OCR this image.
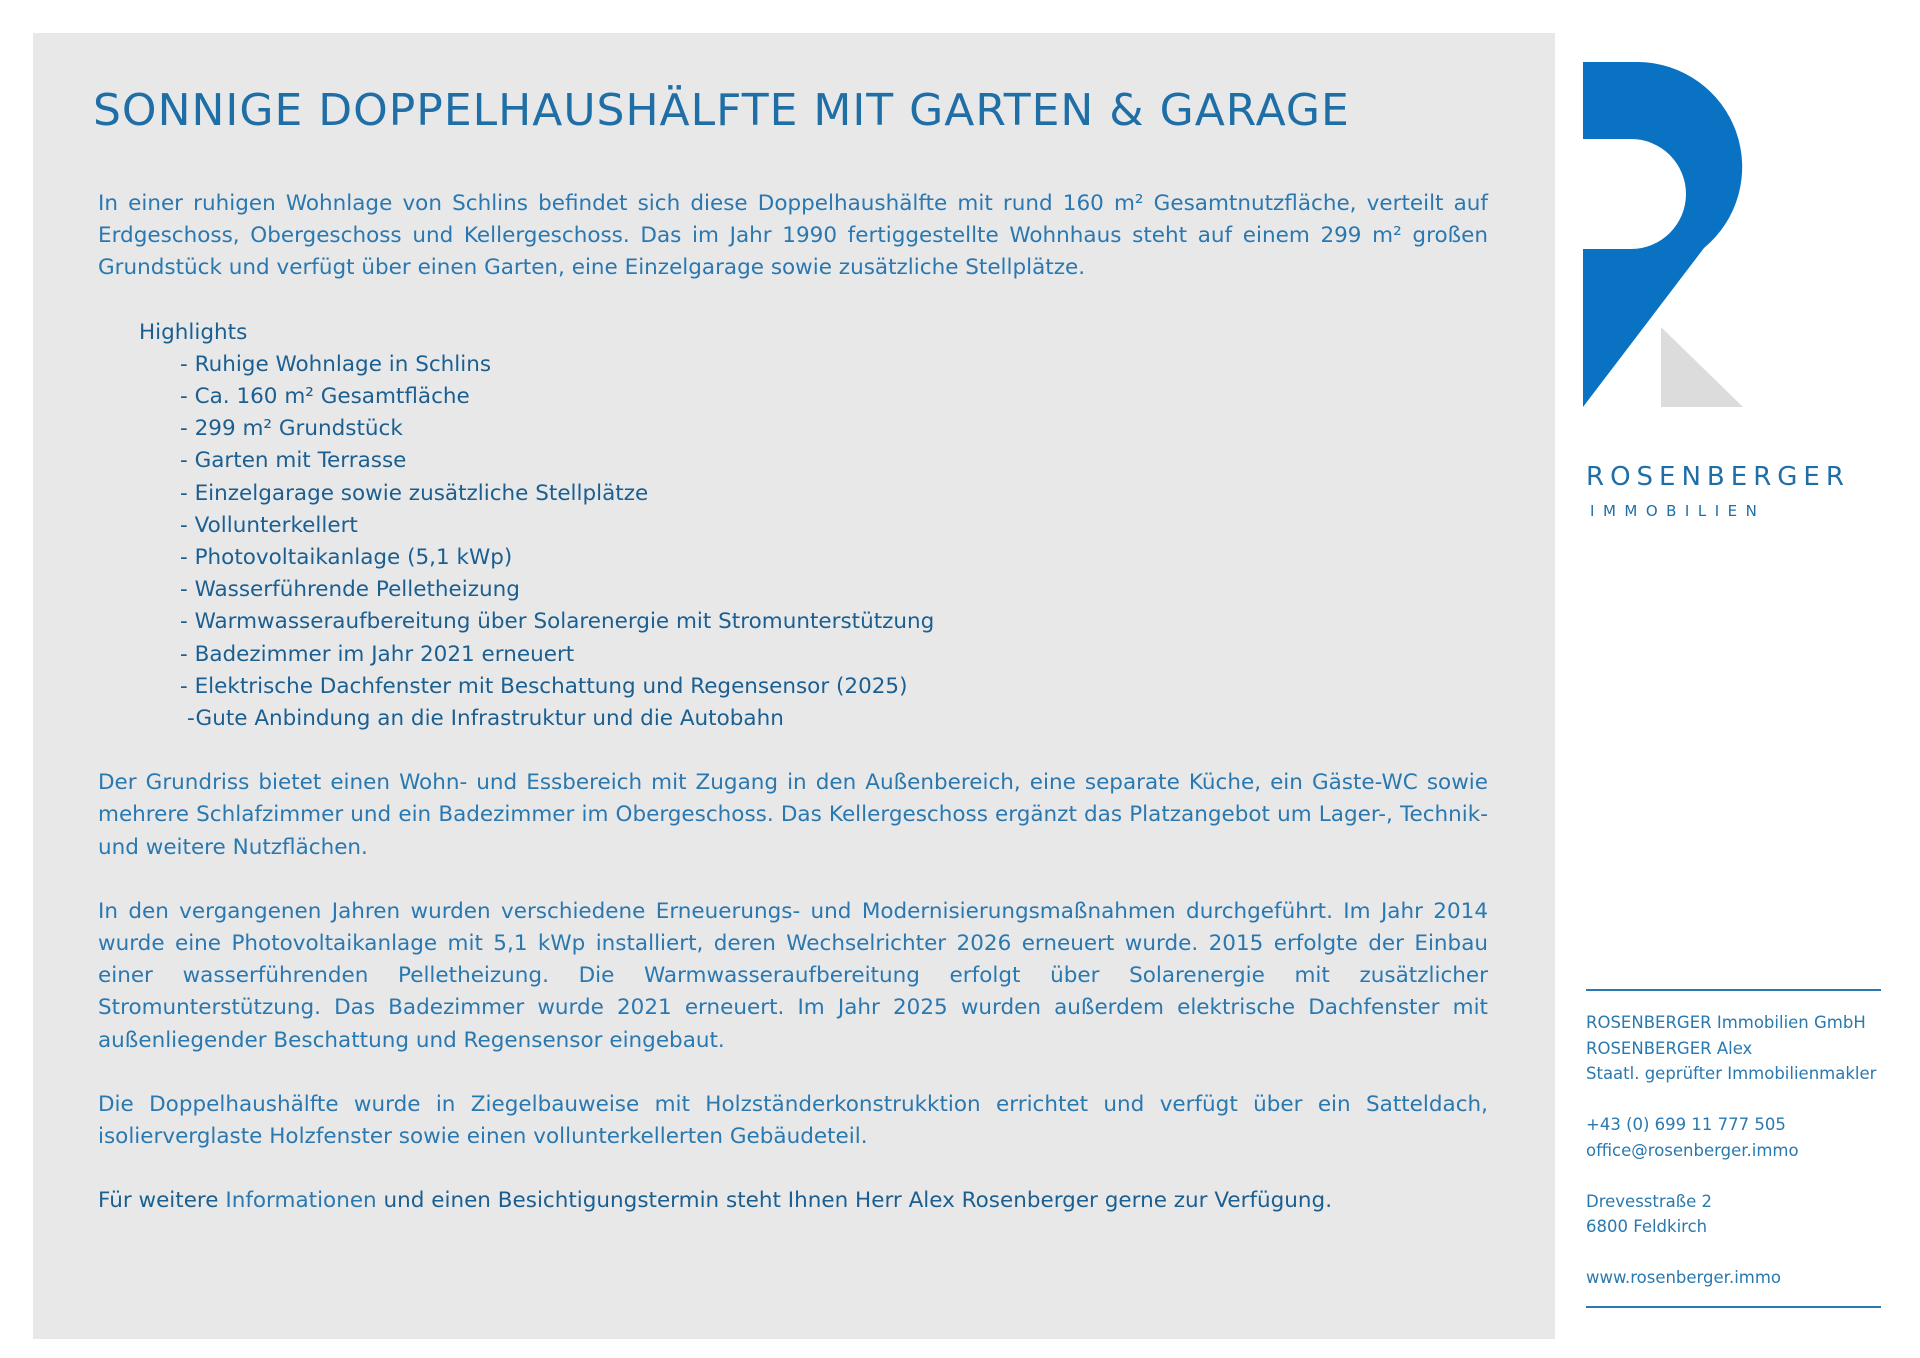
SONNIGE DOPPELHAUSHÄLFTE MIT GARTEN & GARAGE

In einer ruhigen Wohnlage von Schlins befindet sich diese Doppelhaushälfte mit rund 160 m² Gesamtnutzfläche, verteilt auf Erdgeschoss, Obergeschoss und Kellergeschoss. Das im Jahr 1990 fertiggestellte Wohnhaus steht auf einem 299 m² großen Grundstück und verfügt über einen Garten, eine Einzelgarage sowie zusätzliche Stellplätze.

Highlights
- Ruhige Wohnlage in Schlins
- Ca. 160 m² Gesamtfläche
- 299 m² Grundstück
- Garten mit Terrasse
- Einzelgarage sowie zusätzliche Stellplätze
- Vollunterkellert
- Photovoltaikanlage (5,1 kWp)
- Wasserführende Pelletheizung
- Warmwasseraufbereitung über Solarenergie mit Stromunterstützung
- Badezimmer im Jahr 2021 erneuert
- Elektrische Dachfenster mit Beschattung und Regensensor (2025)
-Gute Anbindung an die Infrastruktur und die Autobahn

Der Grundriss bietet einen Wohn- und Essbereich mit Zugang in den Außenbereich, eine separate Küche, ein Gäste-WC sowie mehrere Schlafzimmer und ein Badezimmer im Obergeschoss. Das Kellergeschoss ergänzt das Platzangebot um Lager-, Technik- und weitere Nutzflächen.

In den vergangenen Jahren wurden verschiedene Erneuerungs- und Modernisierungsmaßnahmen durchgeführt. Im Jahr 2014 wurde eine Photovoltaikanlage mit 5,1 kWp installiert, deren Wechselrichter 2026 erneuert wurde. 2015 erfolgte der Einbau einer wasserführenden Pelletheizung. Die Warmwasseraufbereitung erfolgt über Solarenergie mit zusätzlicher Stromunterstützung. Das Badezimmer wurde 2021 erneuert. Im Jahr 2025 wurden außerdem elektrische Dachfenster mit außenliegender Beschattung und Regensensor eingebaut.

Die Doppelhaushälfte wurde in Ziegelbauweise mit Holzständerkonstrukktion errichtet und verfügt über ein Satteldach, isolierverglaste Holzfenster sowie einen vollunterkellerten Gebäudeteil.

Für weitere Informationen und einen Besichtigungstermin steht Ihnen Herr Alex Rosenberger gerne zur Verfügung.

ROSENBERGER
IMMOBILIEN
ROSENBERGER Immobilien GmbH
ROSENBERGER Alex
Staatl. geprüfter Immobilienmakler
+43 (0) 699 11 777 505
office@rosenberger.immo
Drevesstraße 2
6800 Feldkirch
www.rosenberger.immo
